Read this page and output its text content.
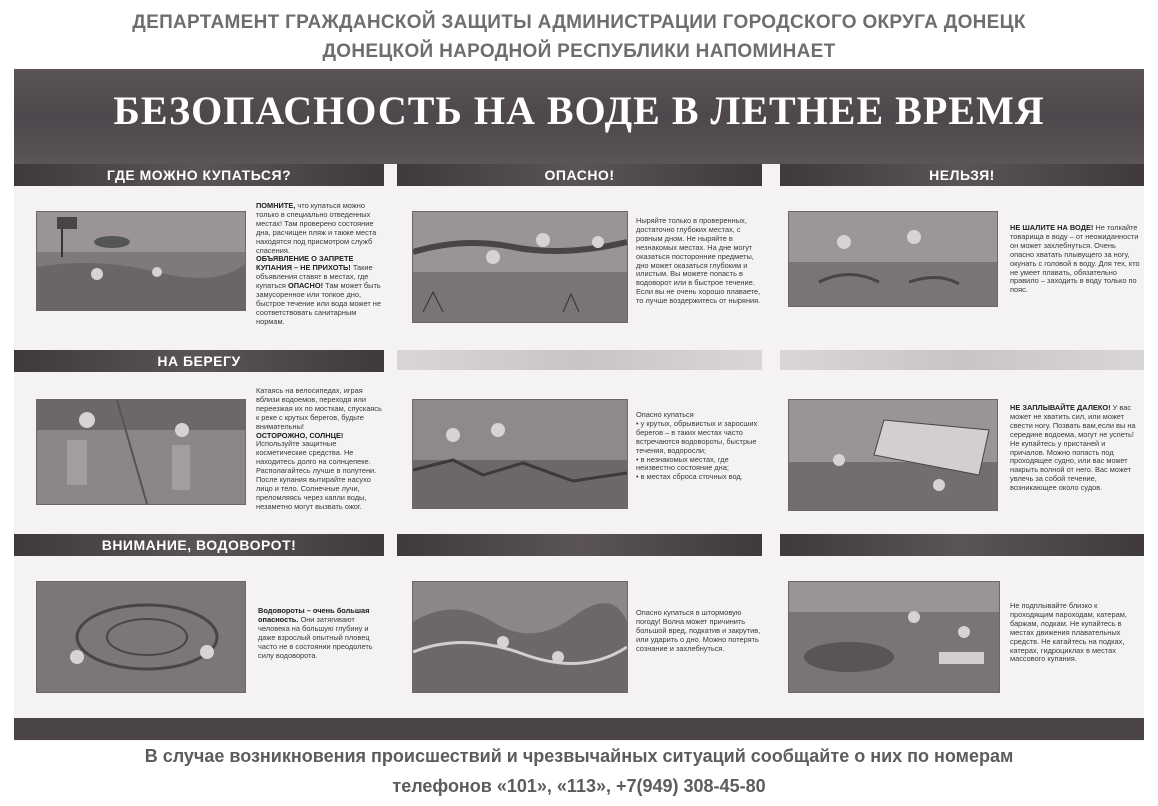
ДЕПАРТАМЕНТ ГРАЖДАНСКОЙ ЗАЩИТЫ АДМИНИСТРАЦИИ ГОРОДСКОГО ОКРУГА ДОНЕЦК
ДОНЕЦКОЙ НАРОДНОЙ РЕСПУБЛИКИ НАПОМИНАЕТ
БЕЗОПАСНОСТЬ НА ВОДЕ В ЛЕТНЕЕ ВРЕМЯ
ГДЕ МОЖНО КУПАТЬСЯ?	ОПАСНО!	НЕЛЬЗЯ!
ПОМНИТЕ, что купаться можно только в специально отведенных местах! Там проверено состояние дна, расчищен пляж и также места находятся под присмотром служб спасения.
ОБЪЯВЛЕНИЕ О ЗАПРЕТЕ КУПАНИЯ – НЕ ПРИХОТЬ! Такие объявления ставят в местах, где купаться ОПАСНО! Там может быть замусоренное или топкое дно, быстрое течение или вода может не соответствовать санитарным нормам.
Ныряйте только в проверенных, достаточно глубоких местах, с ровным дном. Не ныряйте в незнакомых местах. На дне могут оказаться посторонние предметы, дно может оказаться глубоким и илистым. Вы можете попасть в водоворот или в быстрое течение. Если вы не очень хорошо плаваете, то лучше воздержитесь от ныряния.
НЕ ШАЛИТЕ НА ВОДЕ! Не толкайте товарища в воду – от неожиданности он может захлебнуться. Очень опасно хватать плывущего за ногу, окунать с головой в воду. Для тех, кто не умеет плавать, обязательно правило – заходить в воду только по пояс.
НА БЕРЕГУ
Катаясь на велосипедах, играя вблизи водоемов, переходя или переезжая их по мосткам, спускаясь к реке с крутых берегов, будьте внимательны!
ОСТОРОЖНО, СОЛНЦЕ! Используйте защитные косметические средства. Не находитесь долго на солнцепеке. Располагайтесь лучше в полутени. После купания вытирайте насухо лицо и тело. Солнечные лучи, преломляясь через капли воды, незаметно могут вызвать ожог.
Опасно купаться
• у крутых, обрывистых и заросших берегов – в таких местах часто встречаются водовороты, быстрые течения, водоросли;
• в незнакомых местах, где неизвестно состояние дна;
• в местах сброса сточных вод.
НЕ ЗАПЛЫВАЙТЕ ДАЛЕКО! У вас может не хватить сил, или может свести ногу. Позвать вам,если вы на середине водоема, могут не успеть! Не купайтесь у пристаней и причалов. Можно попасть под проходящее судно, или вас может накрыть волной от него. Вас может увлечь за собой течение, возникающее около судов.
ВНИМАНИЕ, ВОДОВОРОТ!
Водовороты – очень большая опасность. Они затягивают человека на большую глубину и даже взрослый опытный пловец часто не в состоянии преодолеть силу водоворота.
Опасно купаться в штормовую погоду! Волна может причинить большой вред, подкатив и закрутив, или ударить о дно. Можно потерять сознание и захлебнуться.
Не подплывайте близко к проходящим пароходам, катерам, баржам, лодкам. Не купайтесь в местах движения плавательных средств. Не катайтесь на подках, катерах, гидроциклах в местах массового купания.
В случае возникновения происшествий и чрезвычайных ситуаций сообщайте о них по номерам
телефонов «101», «113», +7(949) 308-45-80
